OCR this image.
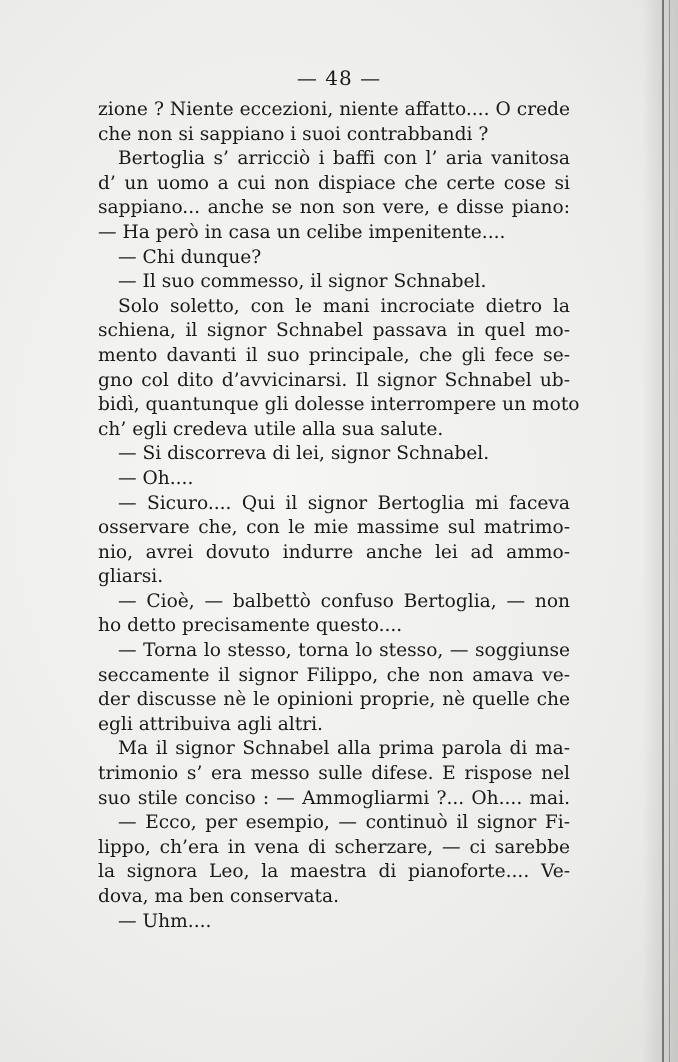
— 48 —
zione ? Niente eccezioni, niente affatto.... O crede
che non si sappiano i suoi contrabbandi ?
Bertoglia s’ arricciò i baffi con l’ aria vanitosa
d’ un uomo a cui non dispiace che certe cose si
sappiano... anche se non son vere, e disse piano:
— Ha però in casa un celibe impenitente....
— Chi dunque?
— Il suo commesso, il signor Schnabel.
Solo soletto, con le mani incrociate dietro la
schiena, il signor Schnabel passava in quel mo-
mento davanti il suo principale, che gli fece se-
gno col dito d’avvicinarsi. Il signor Schnabel ub-
bidì, quantunque gli dolesse interrompere un moto
ch’ egli credeva utile alla sua salute.
— Si discorreva di lei, signor Schnabel.
— Oh....
— Sicuro.... Qui il signor Bertoglia mi faceva
osservare che, con le mie massime sul matrimo-
nio, avrei dovuto indurre anche lei ad ammo-
gliarsi.
— Cioè, — balbettò confuso Bertoglia, — non
ho detto precisamente questo....
— Torna lo stesso, torna lo stesso, — soggiunse
seccamente il signor Filippo, che non amava ve-
der discusse nè le opinioni proprie, nè quelle che
egli attribuiva agli altri.
Ma il signor Schnabel alla prima parola di ma-
trimonio s’ era messo sulle difese. E rispose nel
suo stile conciso : — Ammogliarmi ?... Oh.... mai.
— Ecco, per esempio, — continuò il signor Fi-
lippo, ch’era in vena di scherzare, — ci sarebbe
la signora Leo, la maestra di pianoforte.... Ve-
dova, ma ben conservata.
— Uhm....
